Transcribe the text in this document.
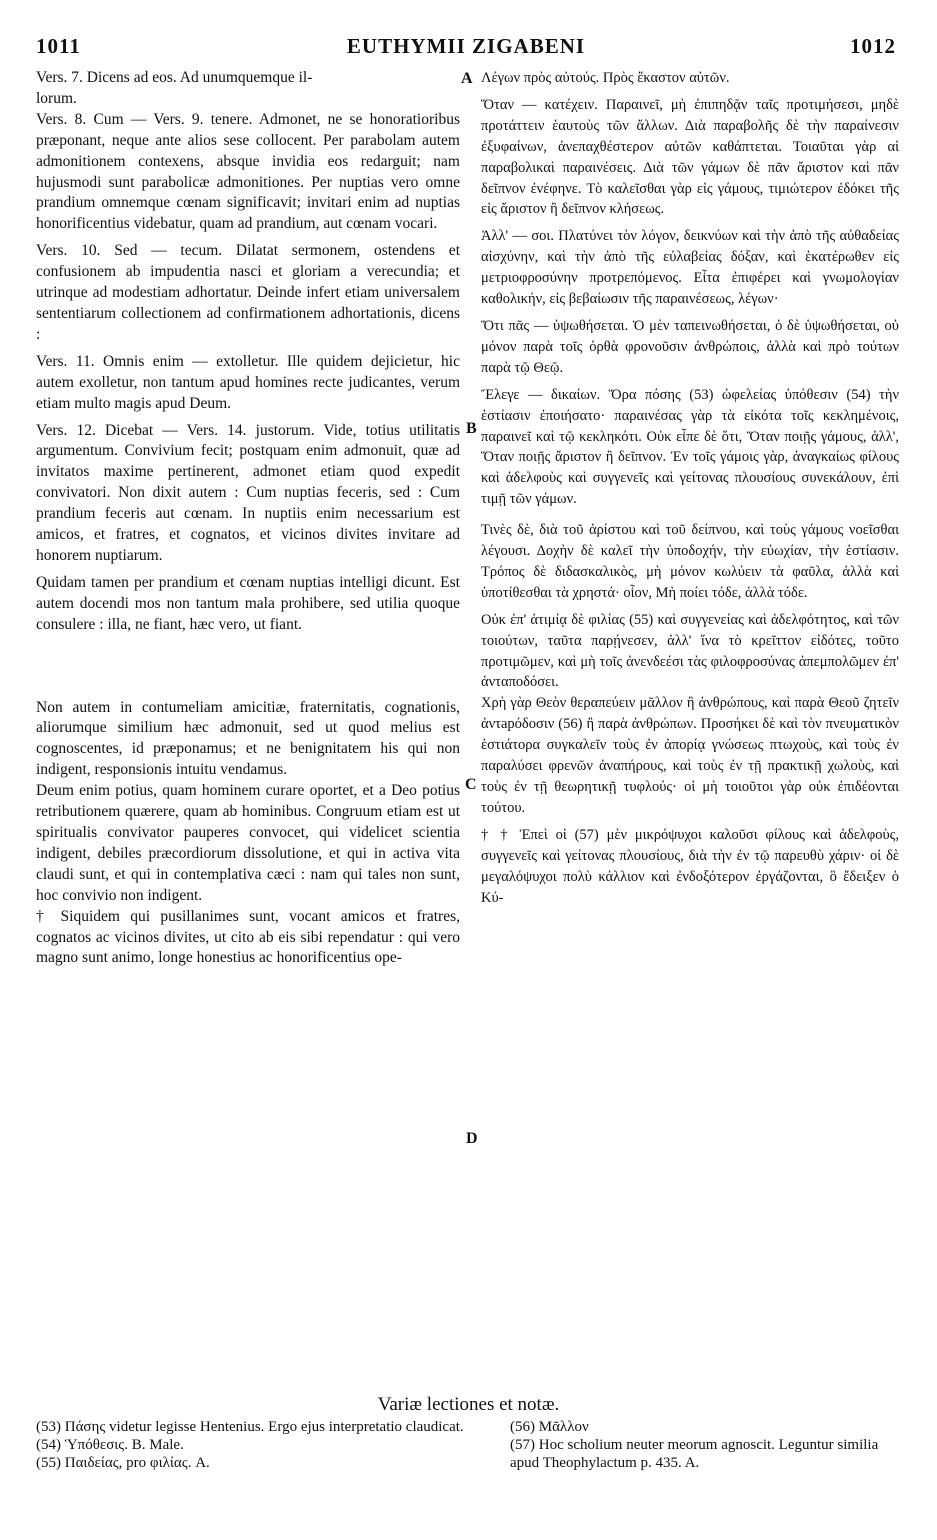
1011	EUTHYMII ZIGABENI	1012

Vers. 7. Dicens ad eos. Ad unumquemque il-

lorum.

Vers. 8. Cum — Vers. 9. tenere. Admonet, ne se honoratioribus præponant, neque ante alios sese collocent. Per parabolam autem admonitionem contexens, absque invidia eos redarguit; nam hujusmodi sunt parabolicæ admonitiones. Per nuptias vero omne prandium omnemque cœnam significavit; invitari enim ad nuptias honorificentius videbatur, quam ad prandium, aut cœnam vocari.

Vers. 10. Sed — tecum. Dilatat sermonem, ostendens et confusionem ab impudentia nasci et gloriam a verecundia; et utrinque ad modestiam adhortatur. Deinde infert etiam universalem sententiarum collectionem ad confirmationem adhortationis, dicens :

Vers. 11. Omnis enim — extolletur. Ille quidem dejicietur, hic autem exolletur, non tantum apud homines recte judicantes, verum etiam multo magis apud Deum.

Vers. 12. Dicebat — Vers. 14. justorum. Vide, totius utilitatis argumentum. Convivium fecit; postquam enim admonuit, quæ ad invitatos maxime pertinerent, admonet etiam quod expedit convivatori. Non dixit autem : Cum nuptias feceris, sed : Cum prandium feceris aut cœnam. In nuptiis enim necessarium est amicos, et fratres, et cognatos, et vicinos divites invitare ad honorem nuptiarum.

Quidam tamen per prandium et cœnam nuptias intelligi dicunt. Est autem docendi mos non tantum mala prohibere, sed utilia quoque consulere : illa, ne fiant, hæc vero, ut fiant.

Non autem in contumeliam amicitiæ, fraternitatis, cognationis, aliorumque similium hæc admonuit, sed ut quod melius est cognoscentes, id præponamus; et ne benignitatem his qui non indigent, responsionis intuitu vendamus.

Deum enim potius, quam hominem curare oportet, et a Deo potius retributionem quærere, quam ab hominibus. Congruum etiam est ut spiritualis convivator pauperes convocet, qui videlicet scientia indigent, debiles præcordiorum dissolutione, et qui in activa vita claudi sunt, et qui in contemplativa cæci : nam qui tales non sunt, hoc convivio non indigent.

† Siquidem qui pusillanimes sunt, vocant amicos et fratres, cognatos ac vicinos divites, ut cito ab eis sibi rependatur : qui vero magno sunt animo, longe honestius ac honorificentius ope-

A
B
C
D

Λέγων πρὸς αὐτούς. Πρὸς ἕκαστον αὐτῶν.

Ὅταν — κατέχειν. Παραινεῖ, μὴ ἐπιπηδᾷν ταῖς προτιμήσεσι, μηδὲ προτάττειν ἑαυτοὺς τῶν ἄλλων. Διὰ παραβολῆς δὲ τὴν παραίνεσιν ἐξυφαίνων, ἀνεπαχθέστερον αὐτῶν καθάπτεται. Τοιαῦται γὰρ αἱ παραβολικαὶ παραινέσεις. Διὰ τῶν γάμων δὲ πᾶν ἄριστον καὶ πᾶν δεῖπνον ἐνέφηνε. Τὸ καλεῖσθαι γὰρ εἰς γάμους, τιμιώτερον ἐδόκει τῆς εἰς ἄριστον ἢ δεῖπνον κλήσεως.

Ἀλλ' — σοι. Πλατύνει τὸν λόγον, δεικνύων καὶ τὴν ἀπὸ τῆς αὐθαδείας αἰσχύνην, καὶ τὴν ἀπὸ τῆς εὐλαβείας δόξαν, καὶ ἑκατέρωθεν εἰς μετριοφροσύνην προτρεπόμενος. Εἶτα ἐπιφέρει καὶ γνωμολογίαν καθολικήν, εἰς βεβαίωσιν τῆς παραινέσεως, λέγων·

Ὅτι πᾶς — ὑψωθήσεται. Ὁ μὲν ταπεινωθήσεται, ὁ δὲ ὑψωθήσεται, οὐ μόνον παρὰ τοῖς ὀρθὰ φρονοῦσιν ἀνθρώποις, ἀλλὰ καὶ πρὸ τούτων παρὰ τῷ Θεῷ.

Ἔλεγε — δικαίων. Ὅρα πόσης (53) ὠφελείας ὑπόθεσιν (54) τὴν ἑστίασιν ἐποιήσατο· παραινέσας γὰρ τὰ εἰκότα τοῖς κεκλημένοις, παραινεῖ καὶ τῷ κεκληκότι. Οὐκ εἶπε δὲ ὅτι, Ὅταν ποιῇς γάμους, ἀλλ', Ὅταν ποιῇς ἄριστον ἢ δεῖπνον. Ἐν τοῖς γάμοις γὰρ, ἀναγκαίως φίλους καὶ ἀδελφοὺς καὶ συγγενεῖς καὶ γείτονας πλουσίους συνεκάλουν, ἐπὶ τιμῇ τῶν γάμων.

Τινὲς δὲ, διὰ τοῦ ἀρίστου καὶ τοῦ δείπνου, καὶ τοὺς γάμους νοεῖσθαι λέγουσι. Δοχὴν δὲ καλεῖ τὴν ὑποδοχήν, τὴν εὐωχίαν, τὴν ἑστίασιν. Τρόπος δὲ διδασκαλικὸς, μὴ μόνον κωλύειν τὰ φαῦλα, ἀλλὰ καὶ ὑποτίθεσθαι τὰ χρηστά· οἷον, Μὴ ποίει τόδε, ἀλλὰ τόδε.

Οὐκ ἐπ' ἀτιμίᾳ δὲ φιλίας (55) καὶ συγγενείας καὶ ἀδελφότητος, καὶ τῶν τοιούτων, ταῦτα παρῄνεσεν, ἀλλ' ἵνα τὸ κρεῖττον εἰδότες, τοῦτο προτιμῶμεν, καὶ μὴ τοῖς ἀνενδεέσι τὰς φιλοφροσύνας ἀπεμπολῶμεν ἐπ' ἀνταποδόσει.

Χρὴ γὰρ Θεὸν θεραπεύειν μᾶλλον ἢ ἀνθρώπους, καὶ παρὰ Θεοῦ ζητεῖν ἀντapόδοσιν (56) ἢ παρὰ ἀνθρώπων. Προσήκει δὲ καὶ τὸν πνευματικὸν ἑστιάτορα συγκαλεῖν τοὺς ἐν ἀπορίᾳ γνώσεως πτωχοὺς, καὶ τοὺς ἐν παραλύσει φρενῶν ἀναπήρους, καὶ τοὺς ἐν τῇ πρακτικῇ χωλοὺς, καὶ τοὺς ἐν τῇ θεωρητικῇ τυφλούς· οἱ μὴ τοιοῦτοι γὰρ οὐκ ἐπιδέονται τούτου.

† † Ἐπεὶ οἱ (57) μὲν μικρόψυχοι καλοῦσι φίλους καὶ ἀδελφοὺς, συγγενεῖς καὶ γείτονας πλουσίους, διὰ τὴν ἐν τῷ παρευθὺ χάριν· οἱ δὲ μεγαλόψυχοι πολὺ κάλλιον καὶ ἐνδοξότερον ἐργάζονται, ὃ ἔδειξεν ὁ Κύ-

Variæ lectiones et notæ.
(53) Πάσης videtur legisse Hentenius. Ergo ejus interpretatio claudicat.
(54) Ὑπόθεσις. B. Male.
(55) Παιδείας, pro φιλίας. A.
(56) Μᾶλλον
(57) Hoc scholium neuter meorum agnoscit. Leguntur similia apud Theophylactum p. 435. A.
